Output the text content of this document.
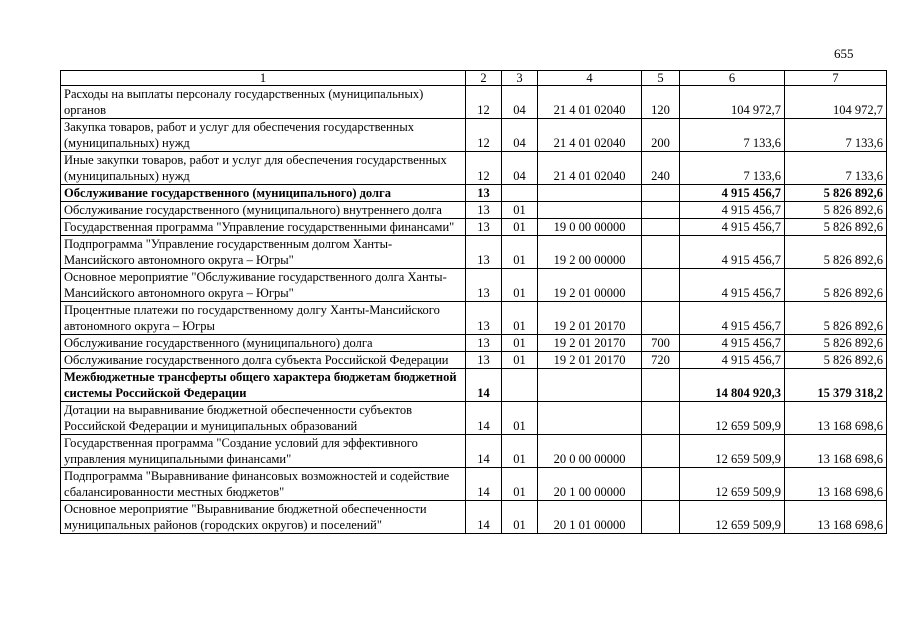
655
1	2	3	4	5	6	7
Расходы на выплаты персоналу государственных (муниципальных) органов	12	04	21 4 01 02040	120	104 972,7	104 972,7
Закупка товаров, работ и услуг для обеспечения государственных (муниципальных) нужд	12	04	21 4 01 02040	200	7 133,6	7 133,6
Иные закупки товаров, работ и услуг для обеспечения государственных (муниципальных) нужд	12	04	21 4 01 02040	240	7 133,6	7 133,6
Обслуживание государственного (муниципального) долга	13				4 915 456,7	5 826 892,6
Обслуживание государственного (муниципального) внутреннего долга	13	01			4 915 456,7	5 826 892,6
Государственная программа "Управление государственными финансами"	13	01	19 0 00 00000		4 915 456,7	5 826 892,6
Подпрограмма "Управление государственным долгом Ханты-Мансийского автономного округа – Югры"	13	01	19 2 00 00000		4 915 456,7	5 826 892,6
Основное мероприятие "Обслуживание государственного долга Ханты-Мансийского автономного округа – Югры"	13	01	19 2 01 00000		4 915 456,7	5 826 892,6
Процентные платежи по государственному долгу Ханты-Мансийского автономного округа – Югры	13	01	19 2 01 20170		4 915 456,7	5 826 892,6
Обслуживание государственного (муниципального) долга	13	01	19 2 01 20170	700	4 915 456,7	5 826 892,6
Обслуживание государственного долга субъекта Российской Федерации	13	01	19 2 01 20170	720	4 915 456,7	5 826 892,6
Межбюджетные трансферты общего характера бюджетам бюджетной системы Российской Федерации	14				14 804 920,3	15 379 318,2
Дотации на выравнивание бюджетной обеспеченности субъектов Российской Федерации и муниципальных образований	14	01			12 659 509,9	13 168 698,6
Государственная программа "Создание условий для эффективного управления муниципальными финансами"	14	01	20 0 00 00000		12 659 509,9	13 168 698,6
Подпрограмма "Выравнивание финансовых возможностей и содействие сбалансированности местных бюджетов"	14	01	20 1 00 00000		12 659 509,9	13 168 698,6
Основное мероприятие "Выравнивание бюджетной обеспеченности муниципальных районов (городских округов) и поселений"	14	01	20 1 01 00000		12 659 509,9	13 168 698,6
